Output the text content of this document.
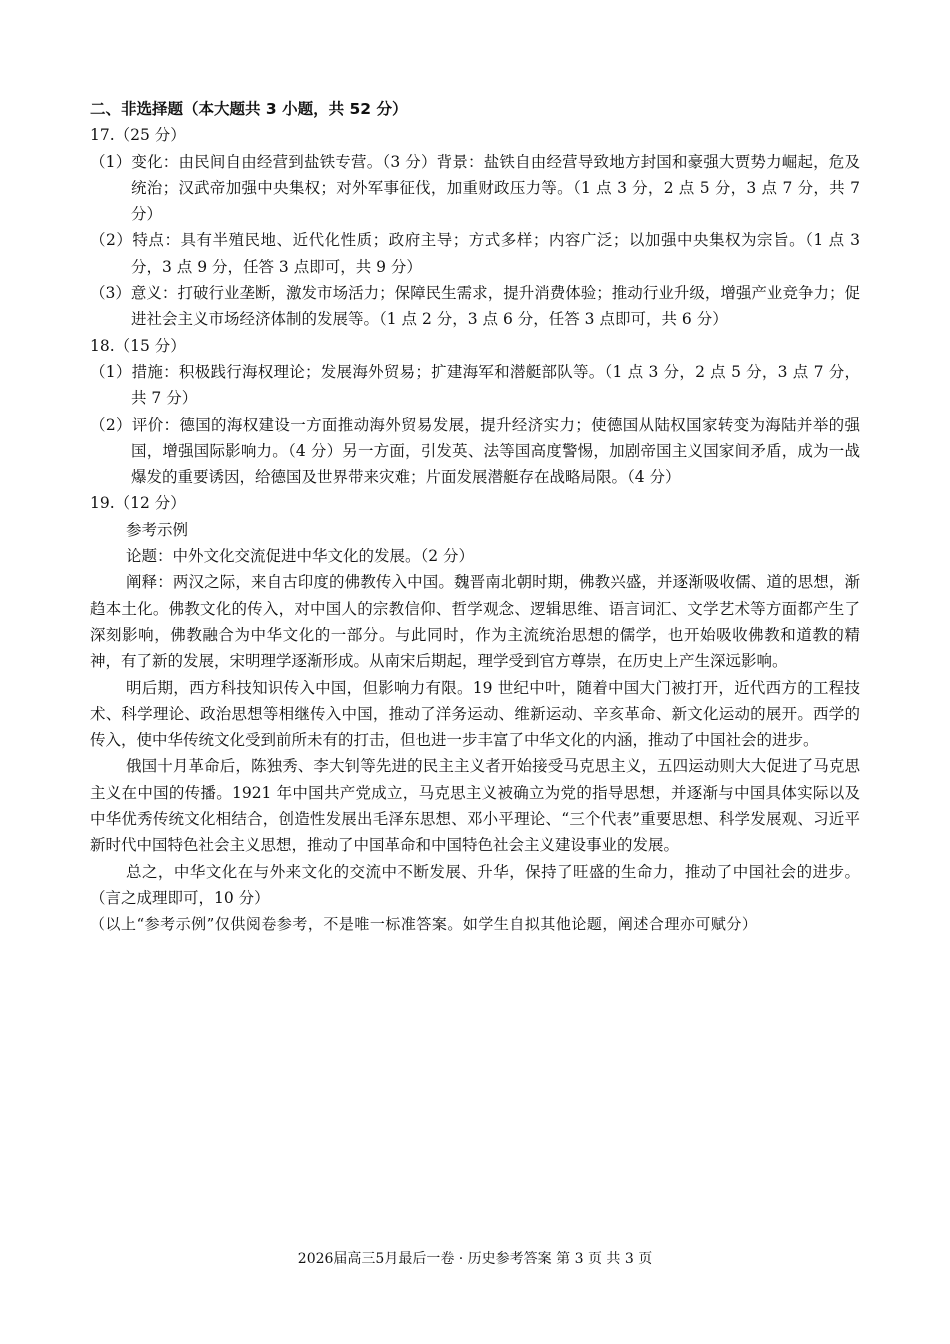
二、非选择题（本大题共 3 小题，共 52 分）
17.（25 分）
（1）变化：由民间自由经营到盐铁专营。（3 分）背景：盐铁自由经营导致地方封国和豪强大贾势力崛起，危及统治；汉武帝加强中央集权；对外军事征伐，加重财政压力等。（1 点 3 分，2 点 5 分，3 点 7 分，共 7 分）
（2）特点：具有半殖民地、近代化性质；政府主导；方式多样；内容广泛；以加强中央集权为宗旨。（1 点 3 分，3 点 9 分，任答 3 点即可，共 9 分）
（3）意义：打破行业垄断，激发市场活力；保障民生需求，提升消费体验；推动行业升级，增强产业竞争力；促进社会主义市场经济体制的发展等。（1 点 2 分，3 点 6 分，任答 3 点即可，共 6 分）
18.（15 分）
（1）措施：积极践行海权理论；发展海外贸易；扩建海军和潜艇部队等。（1 点 3 分，2 点 5 分，3 点 7 分，共 7 分）
（2）评价：德国的海权建设一方面推动海外贸易发展，提升经济实力；使德国从陆权国家转变为海陆并举的强国，增强国际影响力。（4 分）另一方面，引发英、法等国高度警惕，加剧帝国主义国家间矛盾，成为一战爆发的重要诱因，给德国及世界带来灾难；片面发展潜艇存在战略局限。（4 分）
19.（12 分）
参考示例
论题：中外文化交流促进中华文化的发展。（2 分）
阐释：两汉之际，来自古印度的佛教传入中国。魏晋南北朝时期，佛教兴盛，并逐渐吸收儒、道的思想，渐趋本土化。佛教文化的传入，对中国人的宗教信仰、哲学观念、逻辑思维、语言词汇、文学艺术等方面都产生了深刻影响，佛教融合为中华文化的一部分。与此同时，作为主流统治思想的儒学，也开始吸收佛教和道教的精神，有了新的发展，宋明理学逐渐形成。从南宋后期起，理学受到官方尊崇，在历史上产生深远影响。
明后期，西方科技知识传入中国，但影响力有限。19 世纪中叶，随着中国大门被打开，近代西方的工程技术、科学理论、政治思想等相继传入中国，推动了洋务运动、维新运动、辛亥革命、新文化运动的展开。西学的传入，使中华传统文化受到前所未有的打击，但也进一步丰富了中华文化的内涵，推动了中国社会的进步。
俄国十月革命后，陈独秀、李大钊等先进的民主主义者开始接受马克思主义，五四运动则大大促进了马克思主义在中国的传播。1921 年中国共产党成立，马克思主义被确立为党的指导思想，并逐渐与中国具体实际以及中华优秀传统文化相结合，创造性发展出毛泽东思想、邓小平理论、“三个代表”重要思想、科学发展观、习近平新时代中国特色社会主义思想，推动了中国革命和中国特色社会主义建设事业的发展。
总之，中华文化在与外来文化的交流中不断发展、升华，保持了旺盛的生命力，推动了中国社会的进步。（言之成理即可，10 分）
（以上“参考示例”仅供阅卷参考，不是唯一标准答案。如学生自拟其他论题，阐述合理亦可赋分）
2026届高三5月最后一卷 · 历史参考答案 第 3 页 共 3 页
